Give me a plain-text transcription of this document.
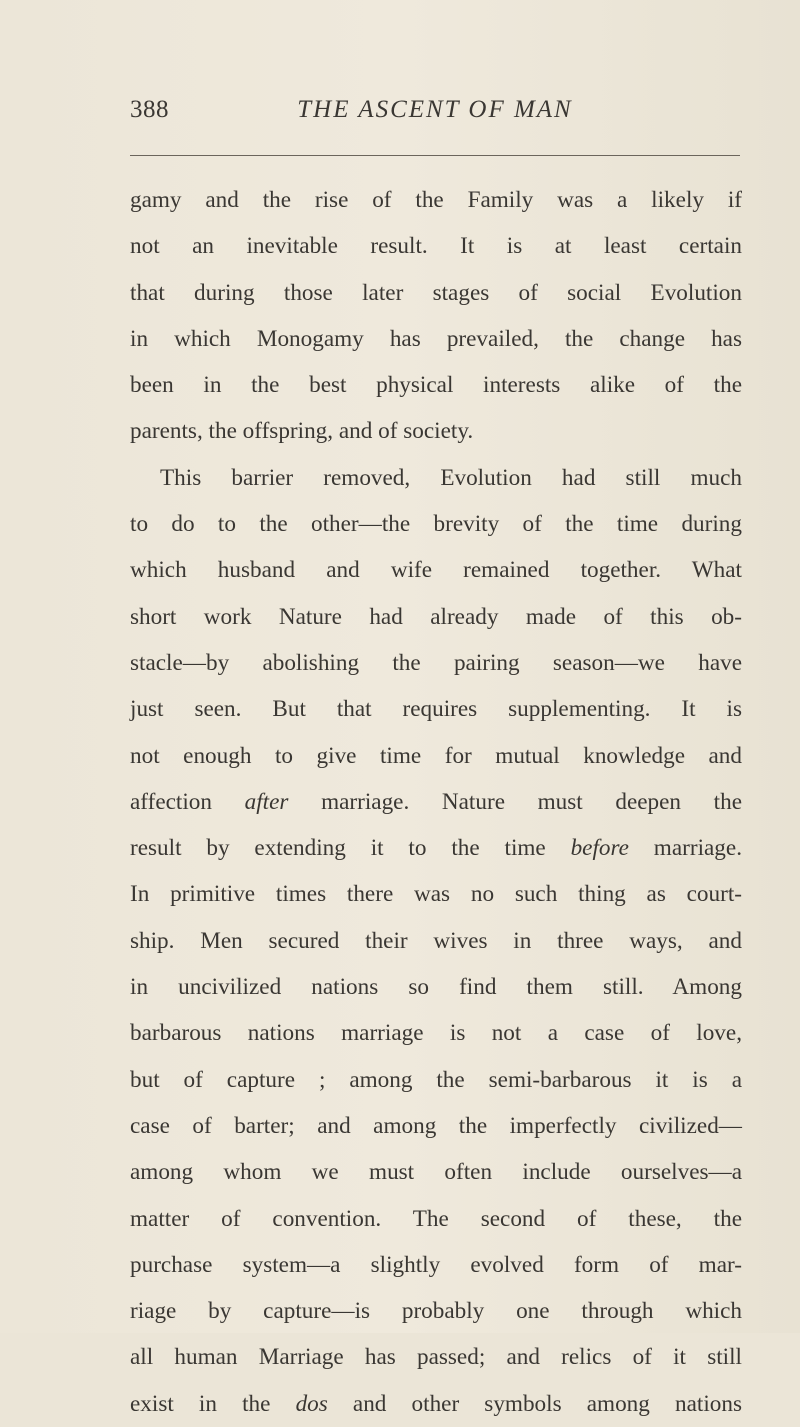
388	THE ASCENT OF MAN
gamy and the rise of the Family was a likely if
not an inevitable result. It is at least certain
that during those later stages of social Evolution
in which Monogamy has prevailed, the change has
been in the best physical interests alike of the
parents, the offspring, and of society.
This barrier removed, Evolution had still much
to do to the other—the brevity of the time during
which husband and wife remained together. What
short work Nature had already made of this ob-
stacle—by abolishing the pairing season—we have
just seen. But that requires supplementing. It is
not enough to give time for mutual knowledge and
affection after marriage. Nature must deepen the
result by extending it to the time before marriage.
In primitive times there was no such thing as court-
ship. Men secured their wives in three ways, and
in uncivilized nations so find them still. Among
barbarous nations marriage is not a case of love,
but of capture ; among the semi-barbarous it is a
case of barter; and among the imperfectly civilized—
among whom we must often include ourselves—a
matter of convention. The second of these, the
purchase system—a slightly evolved form of mar-
riage by capture—is probably one through which
all human Marriage has passed; and relics of it still
exist in the dos and other symbols among nations
